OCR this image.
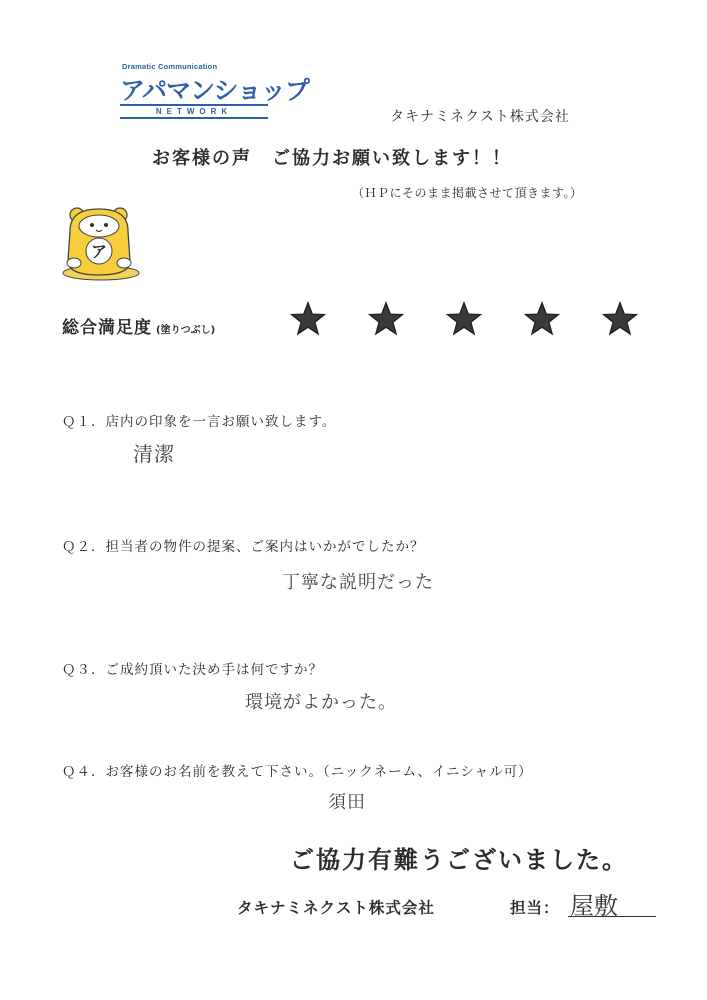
Dramatic Communication
アパマンショップ
NETWORK	タキナミネクスト株式会社
お客様の声　ご協力お願い致します！！
（ＨＰにそのまま掲載させて頂きます。）
ア
総合満足度 (塗りつぶし)
Ｑ１．店内の印象を一言お願い致します。
清潔
Ｑ２．担当者の物件の提案、ご案内はいかがでしたか？
丁寧な説明だった
Ｑ３．ご成約頂いた決め手は何ですか？
環境がよかった。
Ｑ４．お客様のお名前を教えて下さい。（ニックネーム、イニシャル可）
須田
ご協力有難うございました。
タキナミネクスト株式会社	担当： 屋敷
